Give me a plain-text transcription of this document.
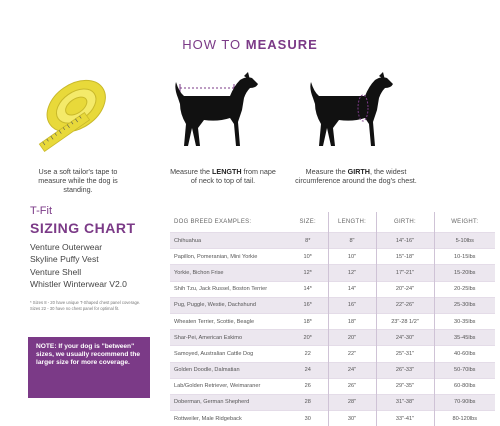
HOW TO MEASURE
Use a soft tailor's tape to measure while the dog is standing.
Measure the LENGTH from nape of neck to top of tail.
Measure the GIRTH, the widest circumference around the dog's chest.
T-Fit
SIZING CHART
Venture Outerwear
Skyline Puffy Vest
Venture Shell
Whistler Winterwear V2.0
* Sizes 8 - 20 have unique T-Shaped chest panel coverage. Sizes 22 - 30 have no chest panel for optimal fit.
NOTE: If your dog is "between" sizes, we usually recommend the larger size for more coverage.
DOG BREED EXAMPLES:	SIZE:	LENGTH:	GIRTH:	WEIGHT:
Chihuahua	8*	8"	14"-16"	5-10lbs
Papillon, Pomeranian, Mini Yorkie	10*	10"	15"-18"	10-15lbs
Yorkie, Bichon Frise	12*	12"	17"-21"	15-20lbs
Shih Tzu, Jack Russel, Boston Terrier	14*	14"	20"-24"	20-25lbs
Pug, Puggle, Westie, Dachshund	16*	16"	22"-26"	25-30lbs
Wheaten Terrier, Scottie, Beagle	18*	18"	23"-28 1/2"	30-35lbs
Shar-Pei, American Eskimo	20*	20"	24"-30"	35-45lbs
Samoyed, Australian Cattle Dog	22	22"	25"-31"	40-60lbs
Golden Doodle, Dalmatian	24	24"	26"-33"	50-70lbs
Lab/Golden Retriever, Weimaraner	26	26"	29"-35"	60-80lbs
Doberman, German Shepherd	28	28"	31"-38"	70-90lbs
Rottweiler, Male Ridgeback	30	30"	33"-41"	80-120lbs
